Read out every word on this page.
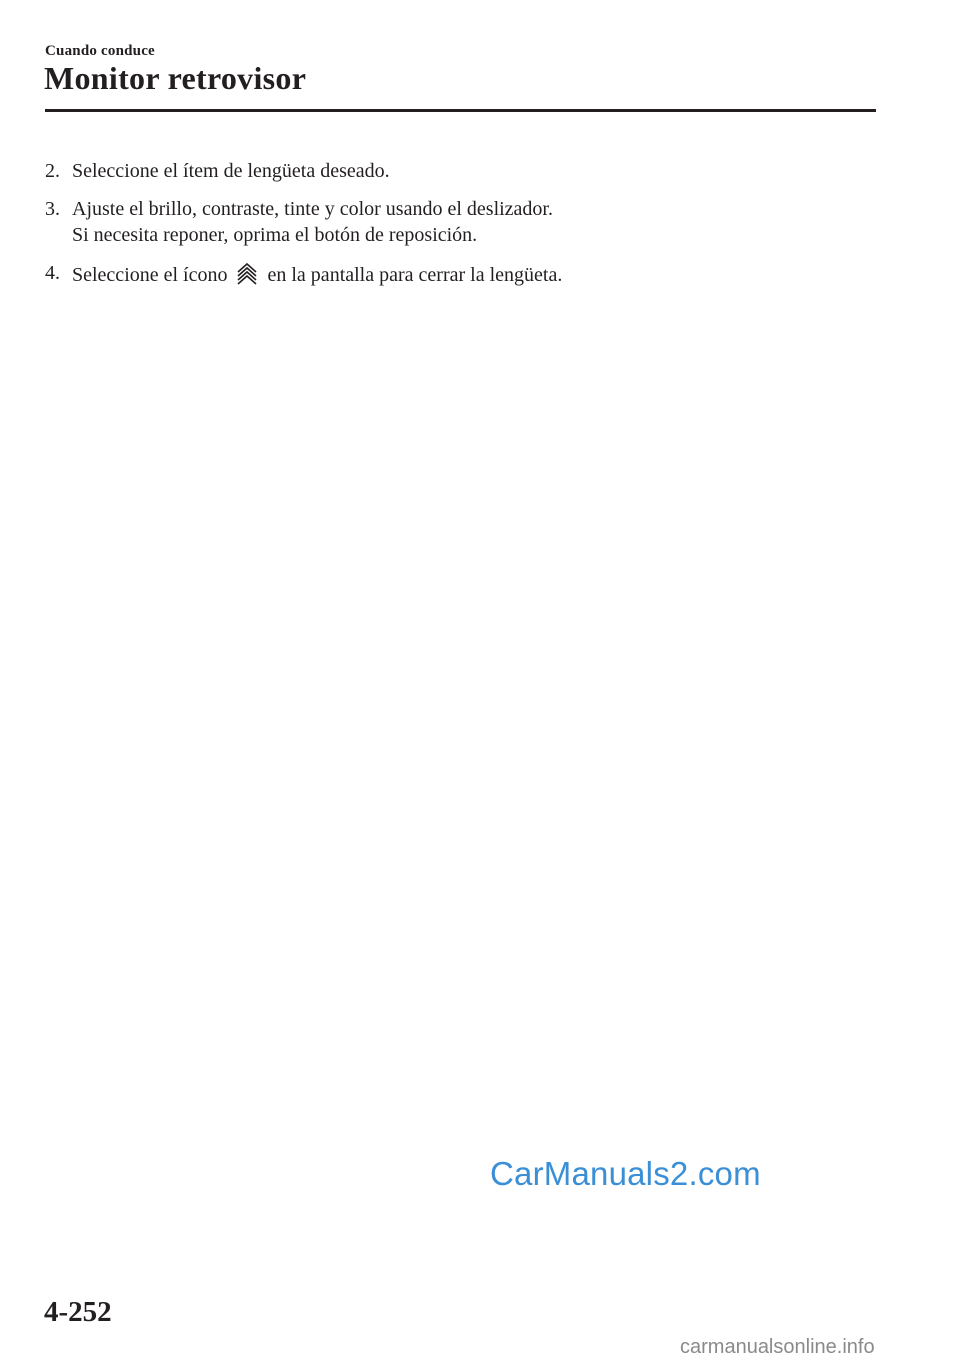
Cuando conduce
Monitor retrovisor
2. Seleccione el ítem de lengüeta deseado.
3. Ajuste el brillo, contraste, tinte y color usando el deslizador.
Si necesita reponer, oprima el botón de reposición.
4. Seleccione el ícono en la pantalla para cerrar la lengüeta.
CarManuals2.com
4-252
carmanualsonline.info
